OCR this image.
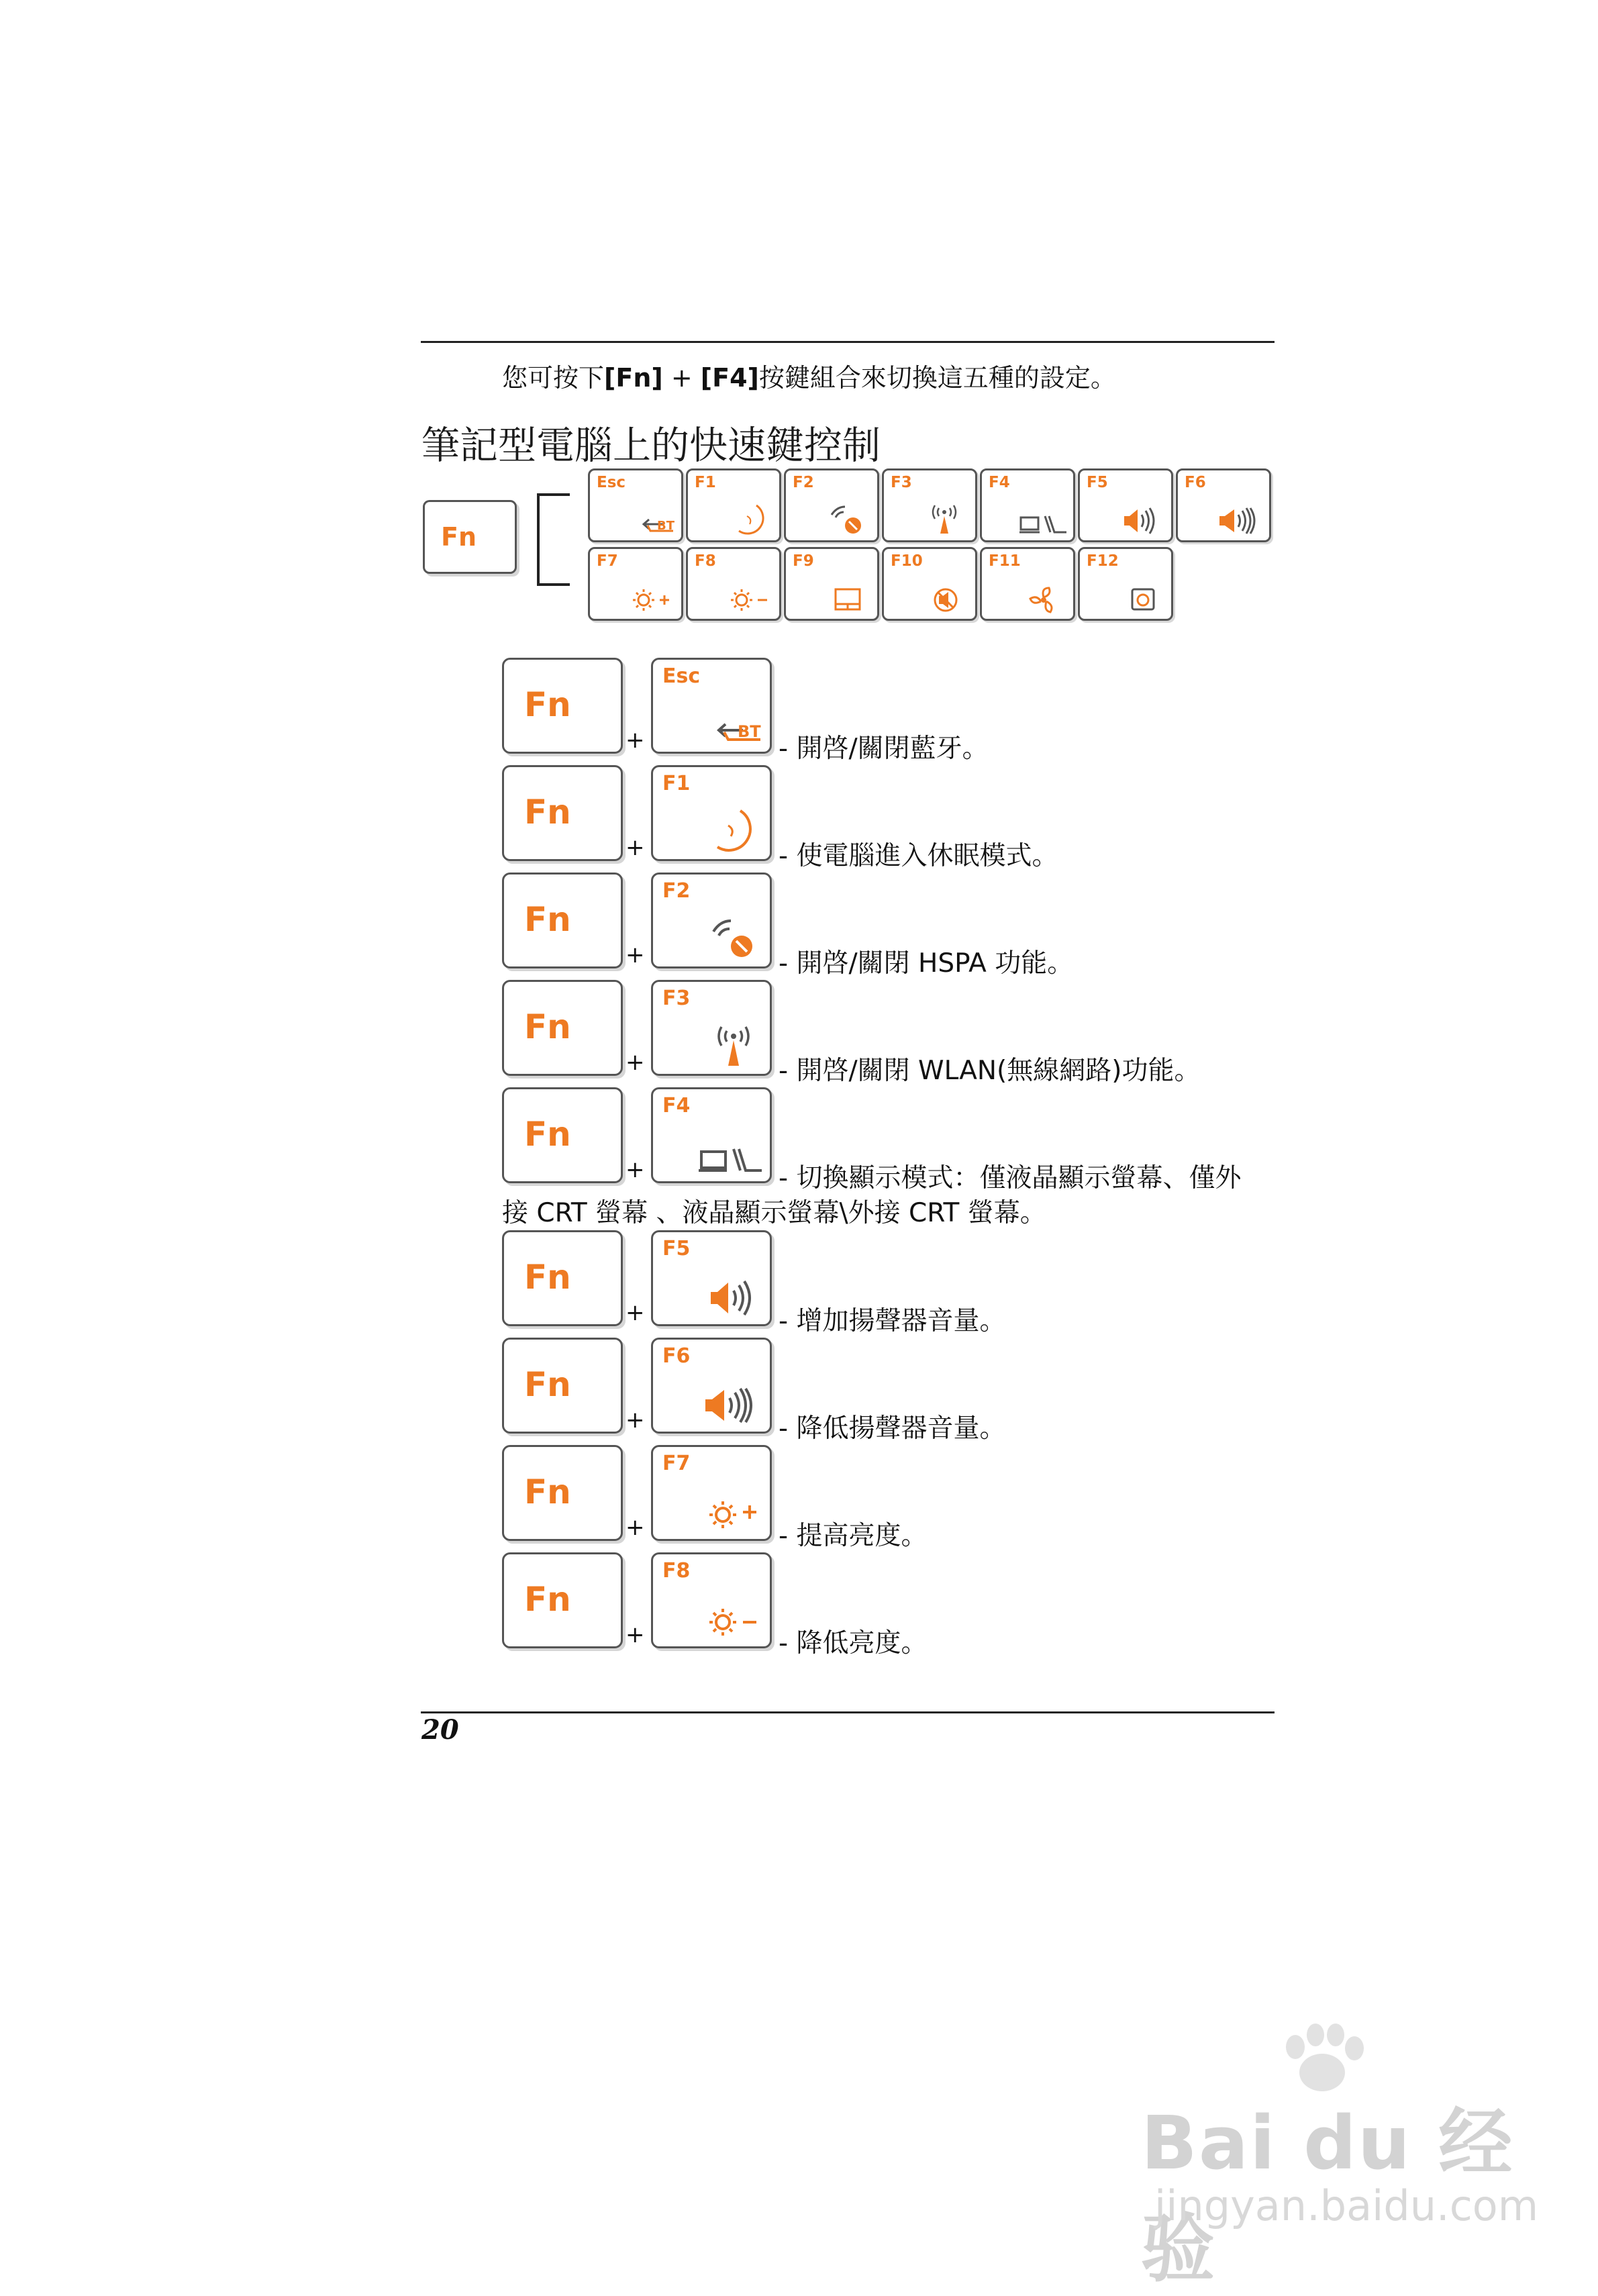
您可按下[Fn] + [F4]按鍵組合來切換這五種的設定。
筆記型電腦上的快速鍵控制
Fn
Esc
BT
F1	F2	F3	F4	F5	F6
F7	F8	F9	F10	F11	F12
Fn
+
Esc
BT
- 開啓/關閉藍牙。
Fn
+
F1
- 使電腦進入休眠模式。
Fn
+
F2
- 開啓/關閉 HSPA 功能。
Fn
+
F3
- 開啓/關閉 WLAN(無線網路)功能。
Fn
+
F4
- 切換顯示模式：僅液晶顯示螢幕、僅外
接 CRT 螢幕 、液晶顯示螢幕\外接 CRT 螢幕。
Fn
+
F5
- 增加揚聲器音量。
Fn
+
F6
- 降低揚聲器音量。
Fn
+
F7
- 提高亮度。
Fn
+
F8
- 降低亮度。
20
Bai du 经验
jingyan.baidu.com
